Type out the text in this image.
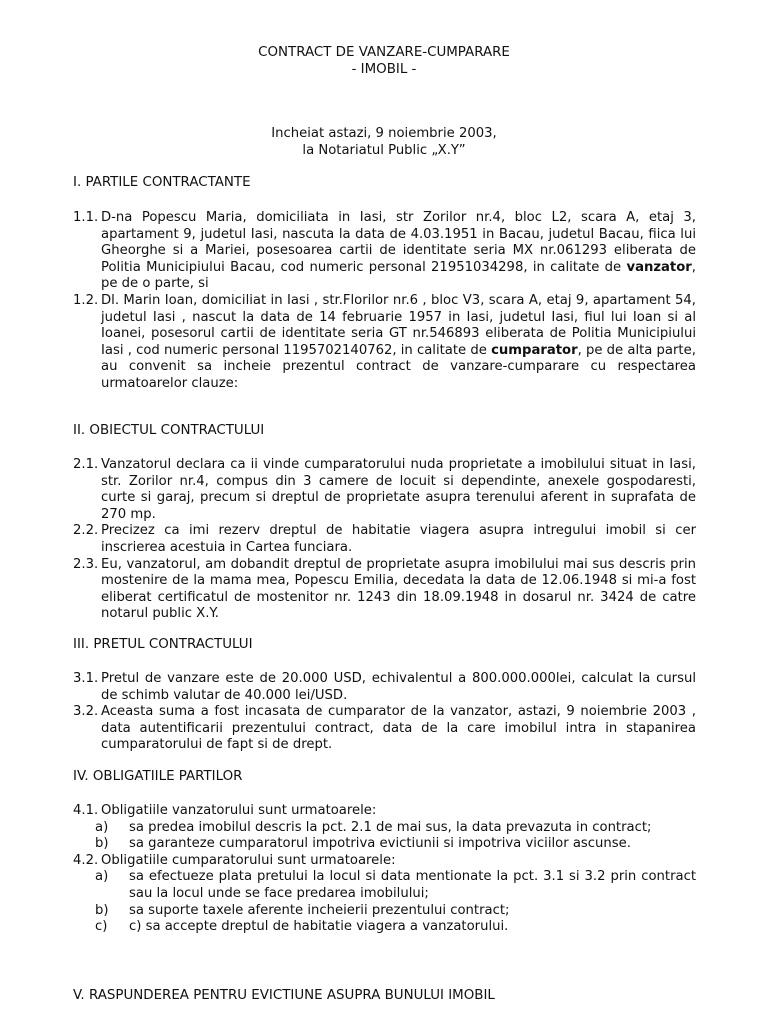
CONTRACT DE VANZARE-CUMPARARE
- IMOBIL -
Incheiat astazi, 9 noiembrie 2003,
la Notariatul Public „X.Y”
I. PARTILE CONTRACTANTE
1.1. D-na Popescu Maria, domiciliata in Iasi, str Zorilor nr.4, bloc L2, scara A, etaj 3, apartament 9, judetul Iasi, nascuta la data de 4.03.1951 in Bacau, judetul Bacau, fiica lui Gheorghe si a Mariei, posesoarea cartii de identitate seria MX nr.061293 eliberata de Politia Municipiului Bacau, cod numeric personal 21951034298, in calitate de vanzator, pe de o parte, si
1.2. Dl. Marin Ioan, domiciliat in Iasi , str.Florilor nr.6 , bloc V3, scara A, etaj 9, apartament 54, judetul Iasi , nascut la data de 14 februarie 1957 in Iasi, judetul Iasi, fiul lui Ioan si al Ioanei, posesorul cartii de identitate seria GT nr.546893 eliberata de Politia Municipiului Iasi , cod numeric personal 1195702140762, in calitate de cumparator, pe de alta parte,
au convenit sa incheie prezentul contract de vanzare-cumparare cu respectarea urmatoarelor clauze:
II. OBIECTUL CONTRACTULUI
2.1. Vanzatorul declara ca ii vinde cumparatorului nuda proprietate a imobilului situat in Iasi, str. Zorilor nr.4, compus din 3 camere de locuit si dependinte, anexele gospodaresti, curte si garaj, precum si dreptul de proprietate asupra terenului aferent in suprafata de 270 mp.
2.2. Precizez ca imi rezerv dreptul de habitatie viagera asupra intregului imobil si cer inscrierea acestuia in Cartea funciara.
2.3. Eu, vanzatorul, am dobandit dreptul de proprietate asupra imobilului mai sus descris prin mostenire de la mama mea, Popescu Emilia, decedata la data de 12.06.1948 si mi-a fost eliberat certificatul de mostenitor nr. 1243 din 18.09.1948 in dosarul nr. 3424 de catre notarul public X.Y.
III. PRETUL CONTRACTULUI
3.1. Pretul de vanzare este de 20.000 USD, echivalentul a 800.000.000lei, calculat la cursul de schimb valutar de 40.000 lei/USD.
3.2. Aceasta suma a fost incasata de cumparator de la vanzator, astazi, 9 noiembrie 2003 , data autentificarii prezentului contract, data de la care imobilul intra in stapanirea cumparatorului de fapt si de drept.
IV. OBLIGATIILE PARTILOR
4.1. Obligatiile vanzatorului sunt urmatoarele:
a)	sa predea imobilul descris la pct. 2.1 de mai sus, la data prevazuta in contract;
b)	sa garanteze cumparatorul impotriva evictiunii si impotriva viciilor ascunse.
4.2. Obligatiile cumparatorului sunt urmatoarele:
a)	sa efectueze plata pretului la locul si data mentionate la pct. 3.1 si 3.2 prin contract sau la locul unde se face predarea imobilului;
b)	sa suporte taxele aferente incheierii prezentului contract;
c)	c) sa accepte dreptul de habitatie viagera a vanzatorului.
V. RASPUNDEREA PENTRU EVICTIUNE ASUPRA BUNULUI IMOBIL
